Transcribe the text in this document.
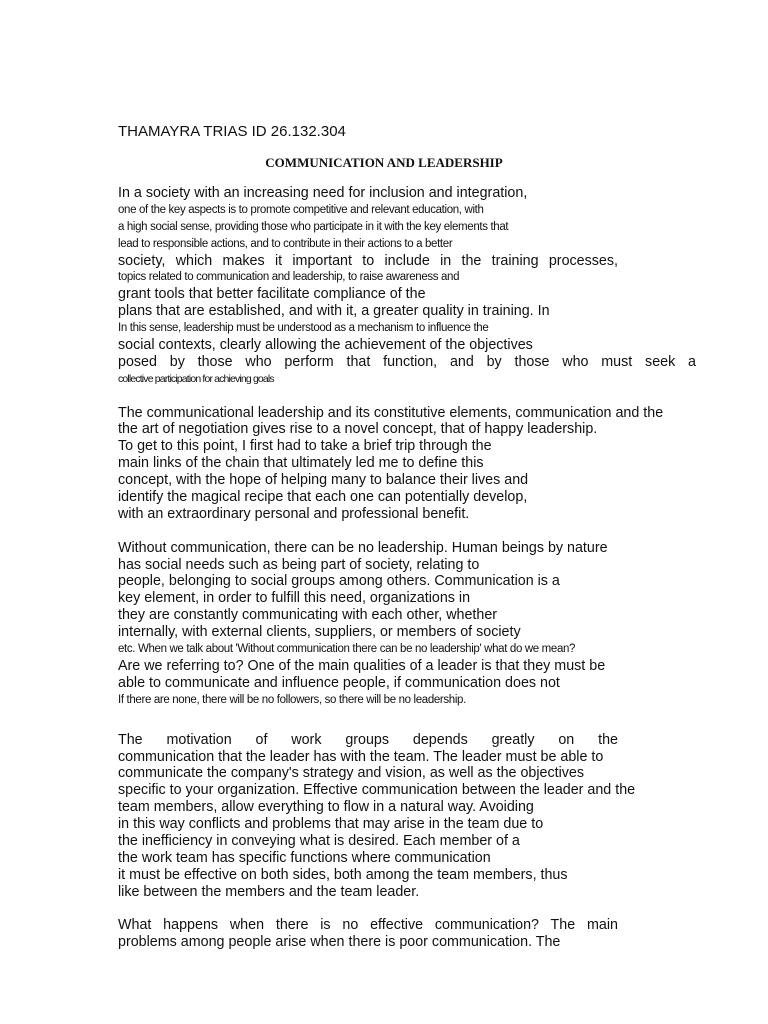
THAMAYRA TRIAS ID 26.132.304
COMMUNICATION AND LEADERSHIP
In a society with an increasing need for inclusion and integration,
one of the key aspects is to promote competitive and relevant education, with
a high social sense, providing those who participate in it with the key elements that
lead to responsible actions, and to contribute in their actions to a better
society, which makes it important to include in the training processes,
topics related to communication and leadership, to raise awareness and
grant tools that better facilitate compliance of the
plans that are established, and with it, a greater quality in training. In
In this sense, leadership must be understood as a mechanism to influence the
social contexts, clearly allowing the achievement of the objectives
posed by those who perform that function, and by those who must seek a
collective participation for achieving goals
The communicational leadership and its constitutive elements, communication and the
the art of negotiation gives rise to a novel concept, that of happy leadership.
To get to this point, I first had to take a brief trip through the
main links of the chain that ultimately led me to define this
concept, with the hope of helping many to balance their lives and
identify the magical recipe that each one can potentially develop,
with an extraordinary personal and professional benefit.
Without communication, there can be no leadership. Human beings by nature
has social needs such as being part of society, relating to
people, belonging to social groups among others. Communication is a
key element, in order to fulfill this need, organizations in
they are constantly communicating with each other, whether
internally, with external clients, suppliers, or members of society
etc. When we talk about 'Without communication there can be no leadership' what do we mean?
Are we referring to? One of the main qualities of a leader is that they must be
able to communicate and influence people, if communication does not
If there are none, there will be no followers, so there will be no leadership.
The motivation of work groups depends greatly on the
communication that the leader has with the team. The leader must be able to
communicate the company's strategy and vision, as well as the objectives
specific to your organization. Effective communication between the leader and the
team members, allow everything to flow in a natural way. Avoiding
in this way conflicts and problems that may arise in the team due to
the inefficiency in conveying what is desired. Each member of a
the work team has specific functions where communication
it must be effective on both sides, both among the team members, thus
like between the members and the team leader.
What happens when there is no effective communication? The main
problems among people arise when there is poor communication. The
